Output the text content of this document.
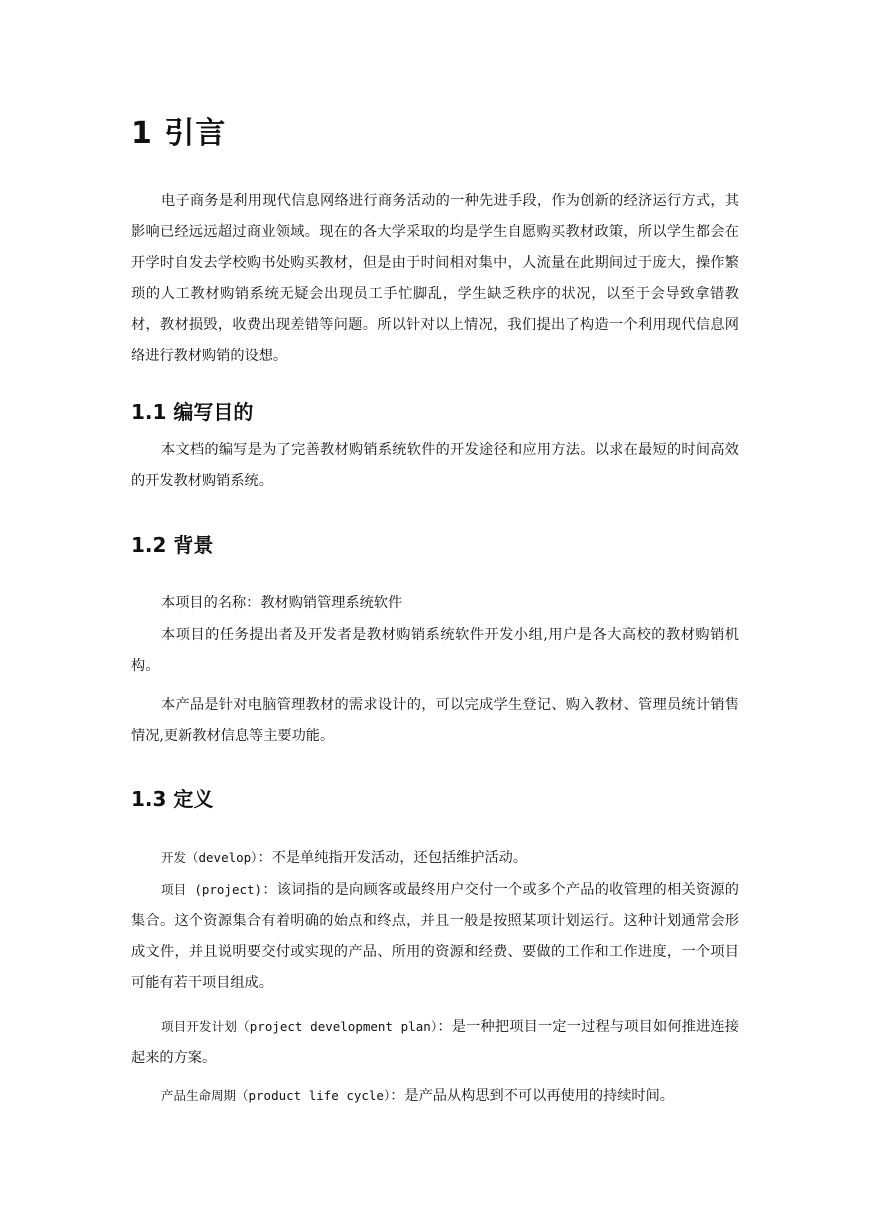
1 引言

电子商务是利用现代信息网络进行商务活动的一种先进手段，作为创新的经济运行方式，其影响已经远远超过商业领域。现在的各大学采取的均是学生自愿购买教材政策，所以学生都会在开学时自发去学校购书处购买教材，但是由于时间相对集中，人流量在此期间过于庞大，操作繁琐的人工教材购销系统无疑会出现员工手忙脚乱，学生缺乏秩序的状况，以至于会导致拿错教材，教材损毁，收费出现差错等问题。所以针对以上情况，我们提出了构造一个利用现代信息网络进行教材购销的设想。

1.1 编写目的

本文档的编写是为了完善教材购销系统软件的开发途径和应用方法。以求在最短的时间高效的开发教材购销系统。

1.2 背景

本项目的名称：教材购销管理系统软件

本项目的任务提出者及开发者是教材购销系统软件开发小组,用户是各大高校的教材购销机构。

本产品是针对电脑管理教材的需求设计的，可以完成学生登记、购入教材、管理员统计销售情况,更新教材信息等主要功能。

1.3 定义

开发（develop）：不是单纯指开发活动，还包括维护活动。

项目 (project)：该词指的是向顾客或最终用户交付一个或多个产品的收管理的相关资源的集合。这个资源集合有着明确的始点和终点，并且一般是按照某项计划运行。这种计划通常会形成文件，并且说明要交付或实现的产品、所用的资源和经费、要做的工作和工作进度，一个项目可能有若干项目组成。

项目开发计划（project development plan）：是一种把项目一定一过程与项目如何推进连接起来的方案。

产品生命周期（product life cycle）：是产品从构思到不可以再使用的持续时间。
